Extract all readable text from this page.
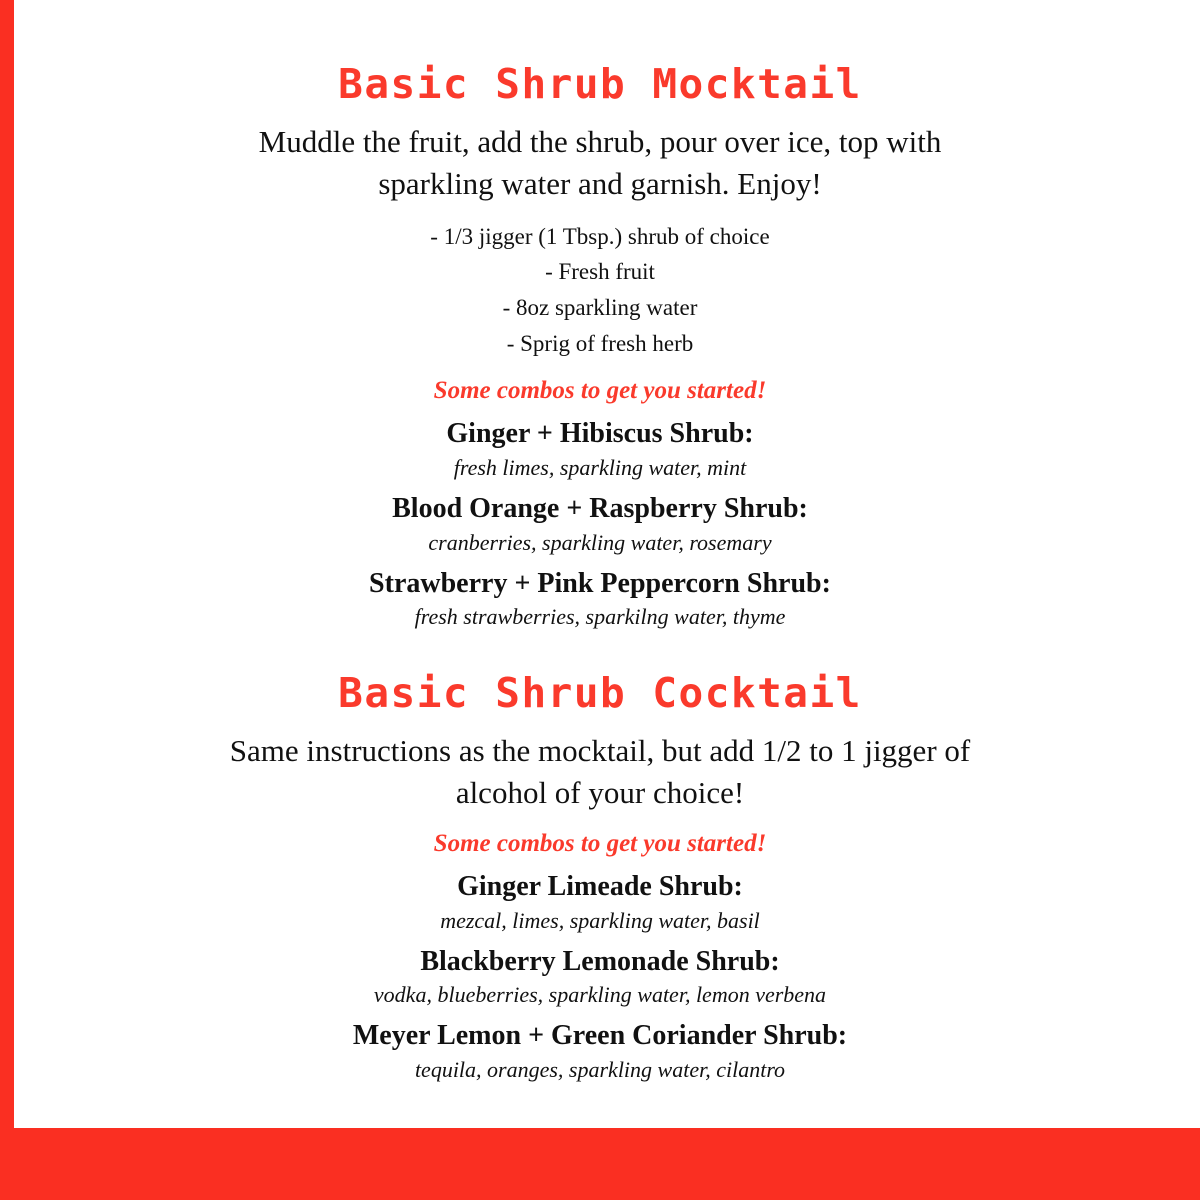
Basic Shrub Mocktail

Muddle the fruit, add the shrub, pour over ice, top with sparkling water and garnish. Enjoy!

- 1/3 jigger (1 Tbsp.) shrub of choice
- Fresh fruit
- 8oz sparkling water
- Sprig of fresh herb
Some combos to get you started!
Ginger + Hibiscus Shrub:
fresh limes, sparkling water, mint
Blood Orange + Raspberry Shrub:
cranberries, sparkling water, rosemary
Strawberry + Pink Peppercorn Shrub:
fresh strawberries, sparkilng water, thyme
Basic Shrub Cocktail

Same instructions as the mocktail, but add 1/2 to 1 jigger of alcohol of your choice!

Some combos to get you started!
Ginger Limeade Shrub:
mezcal, limes, sparkling water, basil
Blackberry Lemonade Shrub:
vodka, blueberries, sparkling water, lemon verbena
Meyer Lemon + Green Coriander Shrub:
tequila, oranges, sparkling water, cilantro
